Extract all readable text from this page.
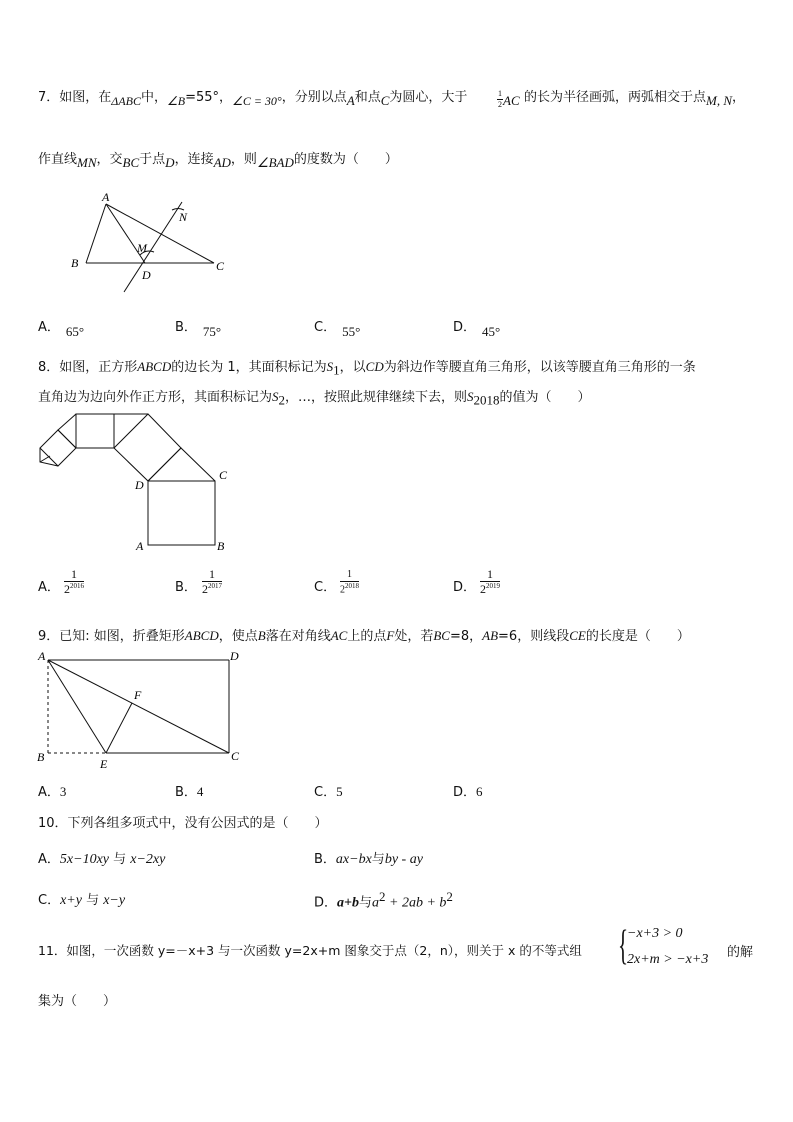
7．如图，在ΔABC中，∠B=55°，∠C = 30°，分别以点A和点C为圆心，大于	$\frac{1}{2}$ AC 的长为半径画弧，两弧相交于点M, N，
作直线MN，交BC于点D，连接AD，则∠BAD的度数为（　　）
A
B	C
D
M
N
A． 65°	B． 75°	C． 55°	D． 45°
8．如图，正方形ABCD的边长为 1，其面积标记为$S_1$，以CD为斜边作等腰直角三角形，以该等腰直角三角形的一条
直角边为边向外作正方形，其面积标记为$S_2$，…，按照此规律继续下去，则$S_{2018}$的值为（　　）
C
D
A	B
A． $\frac{1}{2^{2016}}$	B． $\frac{1}{2^{2017}}$	C． $\frac{1}{2^{2018}}$	D． $\frac{1}{2^{2019}}$
9．已知: 如图，折叠矩形ABCD，使点B落在对角线AC上的点F处，若BC=8，AB=6，则线段CE的长度是（　　）
A	D
B	C
E
F
A．3	B．4	C．5	D．6
10．下列各组多项式中，没有公因式的是（　　）
A．5x−10xy 与 x−2xy	B．ax−bx与by - ay
C．x+y 与 x−y	D．a+b与$a^2 + 2ab + b^2$
11．如图，一次函数 y=－x+3 与一次函数 y=2x+m 图象交于点（2，n），则关于 x 的不等式组 {
−x+3 > 0
2x+m > −x+3 的解
集为（　　）
